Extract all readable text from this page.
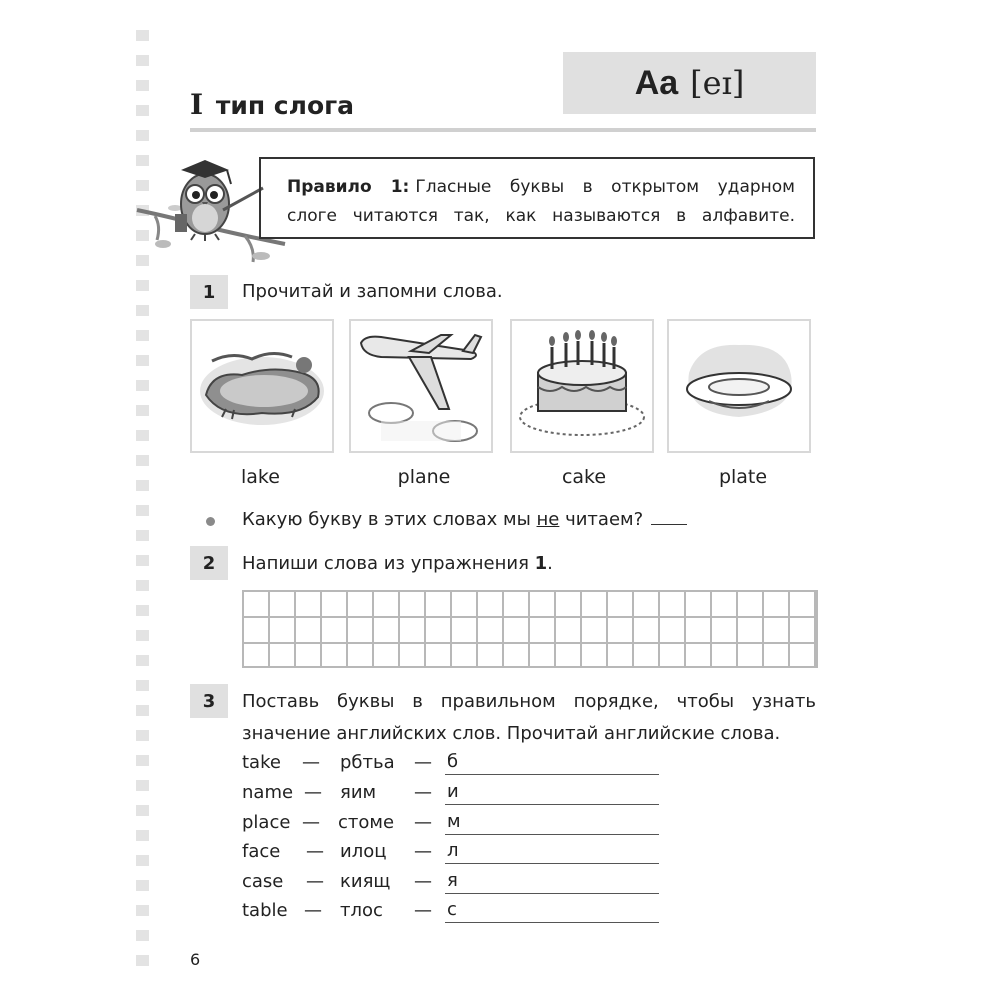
Aa [eɪ]
I тип слога
Правило 1: Гласные буквы в открытом ударном
слоге читаются так, как называются в алфавите.
1	Прочитай и запомни слова.
lake	plane	cake	plate
Какую букву в этих словах мы не читаем?
2	Напиши слова из упражнения 1.
3	Поставь буквы в правильном порядке, чтобы узнать
значение английских слов. Прочитай английские слова.
take — рбтьа — б
name — яим — и
place — стоме — м
face — илоц — л
case — киящ — я
table — тлос — с
6
